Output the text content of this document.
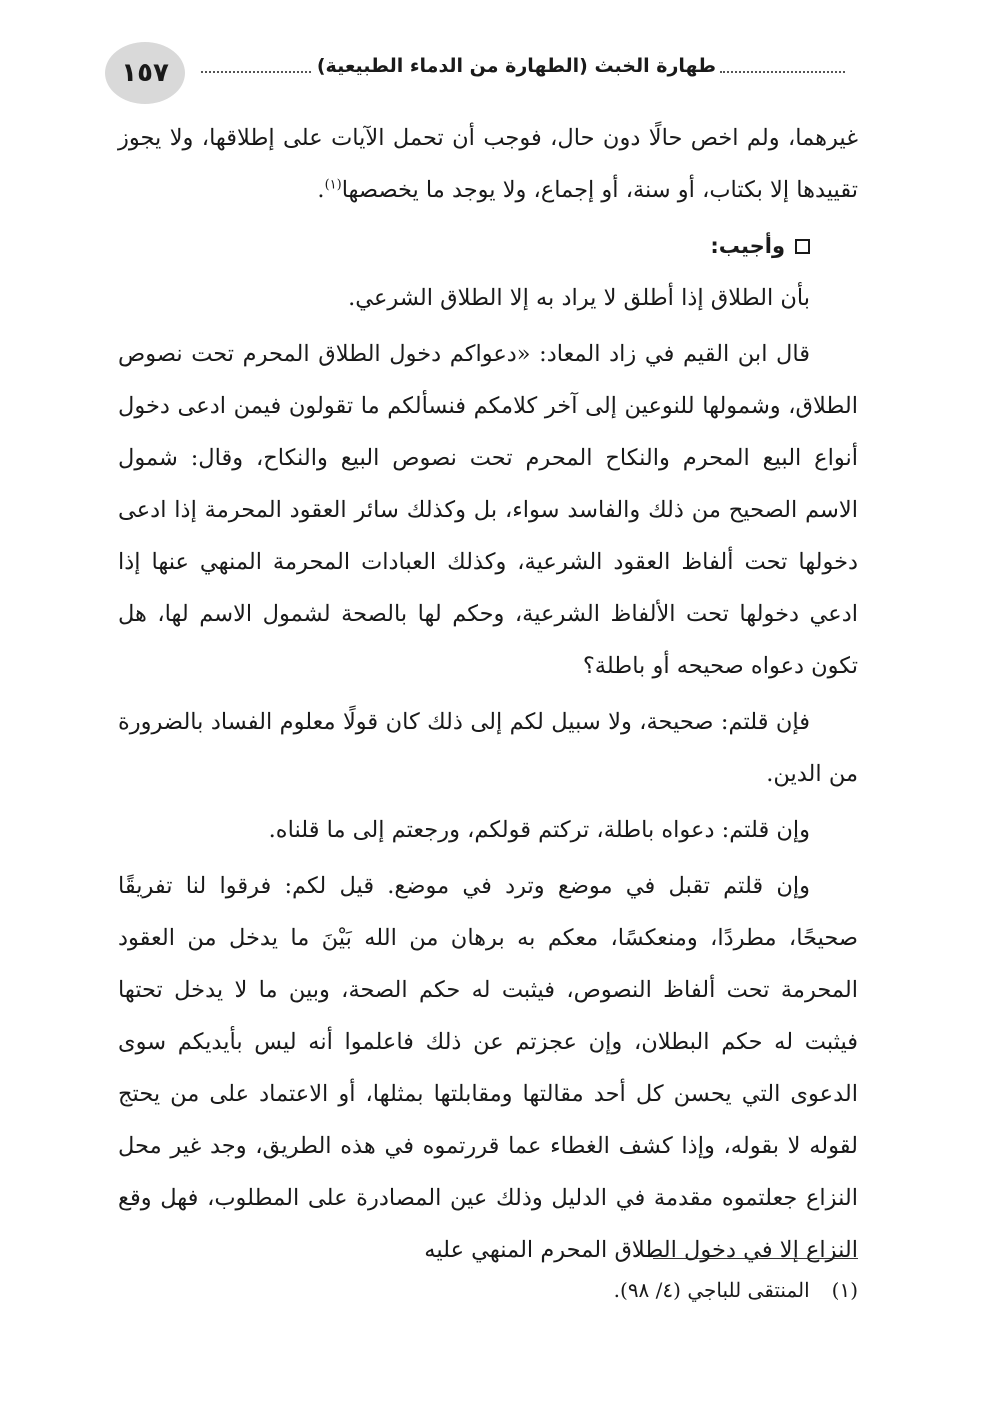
١٥٧	طهارة الخبث (الطهارة من الدماء الطبيعية)

غيرهما، ولم اخص حالًا دون حال، فوجب أن تحمل الآيات على إطلاقها، ولا يجوز تقييدها إلا بكتاب، أو سنة، أو إجماع، ولا يوجد ما يخصصها$^{(١)}$.

وأجيب:

بأن الطلاق إذا أطلق لا يراد به إلا الطلاق الشرعي.

قال ابن القيم في زاد المعاد: «دعواكم دخول الطلاق المحرم تحت نصوص الطلاق، وشمولها للنوعين إلى آخر كلامكم فنسألكم ما تقولون فيمن ادعى دخول أنواع البيع المحرم والنكاح المحرم تحت نصوص البيع والنكاح، وقال: شمول الاسم الصحيح من ذلك والفاسد سواء، بل وكذلك سائر العقود المحرمة إذا ادعى دخولها تحت ألفاظ العقود الشرعية، وكذلك العبادات المحرمة المنهي عنها إذا ادعي دخولها تحت الألفاظ الشرعية، وحكم لها بالصحة لشمول الاسم لها، هل تكون دعواه صحيحه أو باطلة؟

فإن قلتم: صحيحة، ولا سبيل لكم إلى ذلك كان قولًا معلوم الفساد بالضرورة من الدين.

وإن قلتم: دعواه باطلة، تركتم قولكم، ورجعتم إلى ما قلناه.

وإن قلتم تقبل في موضع وترد في موضع. قيل لكم: فرقوا لنا تفريقًا صحيحًا، مطردًا، ومنعكسًا، معكم به برهان من الله بَيْنَ ما يدخل من العقود المحرمة تحت ألفاظ النصوص، فيثبت له حكم الصحة، وبين ما لا يدخل تحتها فيثبت له حكم البطلان، وإن عجزتم عن ذلك فاعلموا أنه ليس بأيديكم سوى الدعوى التي يحسن كل أحد مقالتها ومقابلتها بمثلها، أو الاعتماد على من يحتج لقوله لا بقوله، وإذا كشف الغطاء عما قررتموه في هذه الطريق، وجد غير محل النزاع جعلتموه مقدمة في الدليل وذلك عين المصادرة على المطلوب، فهل وقع النزاع إلا في دخول الطلاق المحرم المنهي عليه

(١)
المنتقى للباجي (٤/ ٩٨).
